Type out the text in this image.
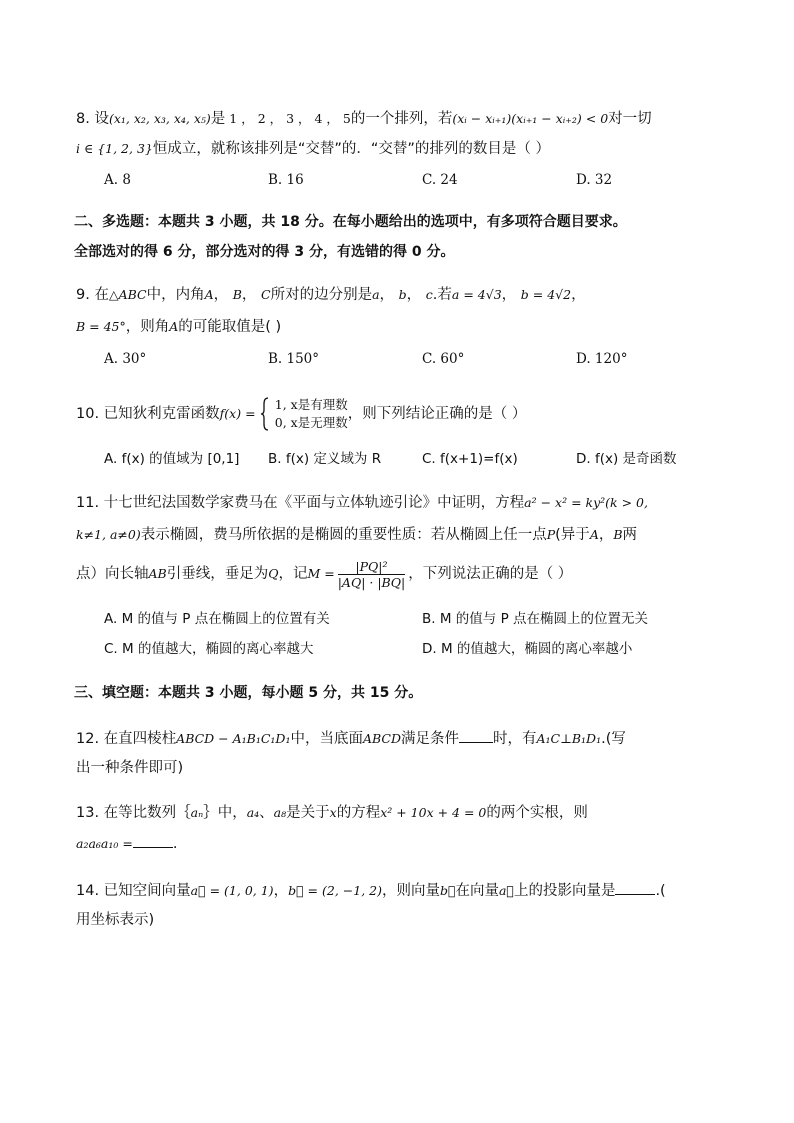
8. 设(x₁, x₂, x₃, x₄, x₅)是 1 ， 2 ， 3 ， 4 ， 5的一个排列，若(xᵢ − xᵢ₊₁)(xᵢ₊₁ − xᵢ₊₂) < 0对一切
i ∈ {1, 2, 3}恒成立，就称该排列是“交替”的．“交替”的排列的数目是（ ）
A. 8	B. 16	C. 24	D. 32
二、多选题：本题共 3 小题，共 18 分。在每小题给出的选项中，有多项符合题目要求。
全部选对的得 6 分，部分选对的得 3 分，有选错的得 0 分。
9. 在△ABC中，内角A， B， C所对的边分别是a， b， c.若a = 4√3， b = 4√2，
B = 45°，则角A的可能取值是( )
A. 30°	B. 150°	C. 60°	D. 120°
10. 已知狄利克雷函数f(x) =
1, x是有理数
0, x是无理数
，则下列结论正确的是（ ）
A. f(x) 的值域为 [0,1] B. f(x) 定义域为 R	C. f(x+1)=f(x)	D. f(x) 是奇函数
11. 十七世纪法国数学家费马在《平面与立体轨迹引论》中证明，方程a² − x² = ky²(k > 0,
k≠1, a≠0)表示椭圆，费马所依据的是椭圆的重要性质：若从椭圆上任一点P(异于A，B两
点）向长轴AB引垂线，垂足为Q，记$M = \frac{\text{|PQ|²}}{|AQ| \cdot |BQ|}$ ，下列说法正确的是（ ）
A. M 的值与 P 点在椭圆上的位置有关	B. M 的值与 P 点在椭圆上的位置无关
C. M 的值越大，椭圆的离心率越大	D. M 的值越大，椭圆的离心率越小
三、填空题：本题共 3 小题，每小题 5 分，共 15 分。
12. 在直四棱柱ABCD − A₁B₁C₁D₁中，当底面ABCD满足条件 时，有A₁C⊥B₁D₁.(写
出一种条件即可)
13. 在等比数列｛aₙ｝中，a₄、a₈是关于x的方程x² + 10x + 4 = 0的两个实根，则
a₂a₆a₁₀ =	.
14. 已知空间向量a⃗ = (1, 0, 1)，b⃗ = (2, −1, 2)，则向量b⃗在向量a⃗上的投影向量是	.(
用坐标表示)
